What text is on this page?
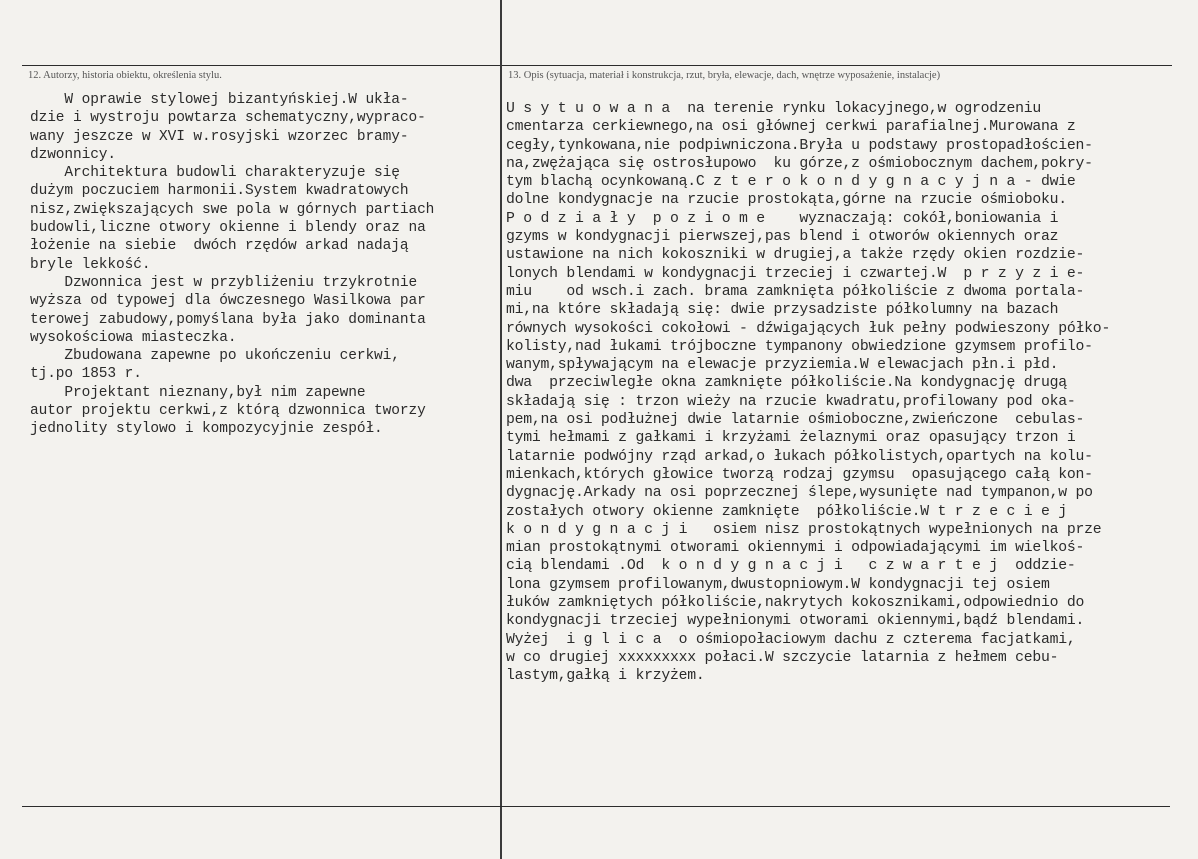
12. Autorzy, historia obiektu, określenia stylu.	13. Opis (sytuacja, materiał i konstrukcja, rzut, bryła, elewacje, dach, wnętrze wyposażenie, instalacje)
W oprawie stylowej bizantyńskiej.W ukła-
dzie i wystroju powtarza schematyczny,wypraco-
wany jeszcze w XVI w.rosyjski wzorzec bramy-
dzwonnicy.
Architektura budowli charakteryzuje się
dużym poczuciem harmonii.System kwadratowych
nisz,zwiększających swe pola w górnych partiach
budowli,liczne otwory okienne i blendy oraz na
łożenie na siebie  dwóch rzędów arkad nadają
bryle lekkość.
Dzwonnica jest w przybliżeniu trzykrotnie
wyższa od typowej dla ówczesnego Wasilkowa par
terowej zabudowy,pomyślana była jako dominanta
wysokościowa miasteczka.
Zbudowana zapewne po ukończeniu cerkwi,
tj.po 1853 r.
Projektant nieznany,był nim zapewne
autor projektu cerkwi,z którą dzwonnica tworzy
jednolity stylowo i kompozycyjnie zespół.
U s y t u o w a n a  na terenie rynku lokacyjnego,w ogrodzeniu
cmentarza cerkiewnego,na osi głównej cerkwi parafialnej.Murowana z
cegły,tynkowana,nie podpiwniczona.Bryła u podstawy prostopadłościen-
na,zwężająca się ostrosłupowo  ku górze,z ośmiobocznym dachem,pokry-
tym blachą ocynkowaną.C z t e r o k o n d y g n a c y j n a - dwie
dolne kondygnacje na rzucie prostokąta,górne na rzucie ośmioboku.
P o d z i a ł y  p o z i o m e    wyznaczają: cokół,boniowania i
gzyms w kondygnacji pierwszej,pas blend i otworów okiennych oraz
ustawione na nich kokoszniki w drugiej,a także rzędy okien rozdzie-
lonych blendami w kondygnacji trzeciej i czwartej.W  p r z y z i e-
miu    od wsch.i zach. brama zamknięta półkoliście z dwoma portala-
mi,na które składają się: dwie przysadziste półkolumny na bazach
równych wysokości cokołowi - dźwigających łuk pełny podwieszony półko-
kolisty,nad łukami trójboczne tympanony obwiedzione gzymsem profilo-
wanym,spływającym na elewacje przyziemia.W elewacjach płn.i płd.
dwa  przeciwległe okna zamknięte półkoliście.Na kondygnację drugą
składają się : trzon wieży na rzucie kwadratu,profilowany pod oka-
pem,na osi podłużnej dwie latarnie ośmioboczne,zwieńczone  cebulas-
tymi hełmami z gałkami i krzyżami żelaznymi oraz opasujący trzon i
latarnie podwójny rząd arkad,o łukach półkolistych,opartych na kolu-
mienkach,których głowice tworzą rodzaj gzymsu  opasującego całą kon-
dygnację.Arkady na osi poprzecznej ślepe,wysunięte nad tympanon,w po
zostałych otwory okienne zamknięte  półkoliście.W t r z e c i e j
k o n d y g n a c j i   osiem nisz prostokątnych wypełnionych na prze
mian prostokątnymi otworami okiennymi i odpowiadającymi im wielkoś-
cią blendami .Od  k o n d y g n a c j i   c z w a r t e j  oddzie-
lona gzymsem profilowanym,dwustopniowym.W kondygnacji tej osiem
łuków zamkniętych półkoliście,nakrytych kokosznikami,odpowiednio do
kondygnacji trzeciej wypełnionymi otworami okiennymi,bądź blendami.
Wyżej  i g l i c a  o ośmiopołaciowym dachu z czterema facjatkami,
w co drugiej xxxxxxxxx połaci.W szczycie latarnia z hełmem cebu-
lastym,gałką i krzyżem.
